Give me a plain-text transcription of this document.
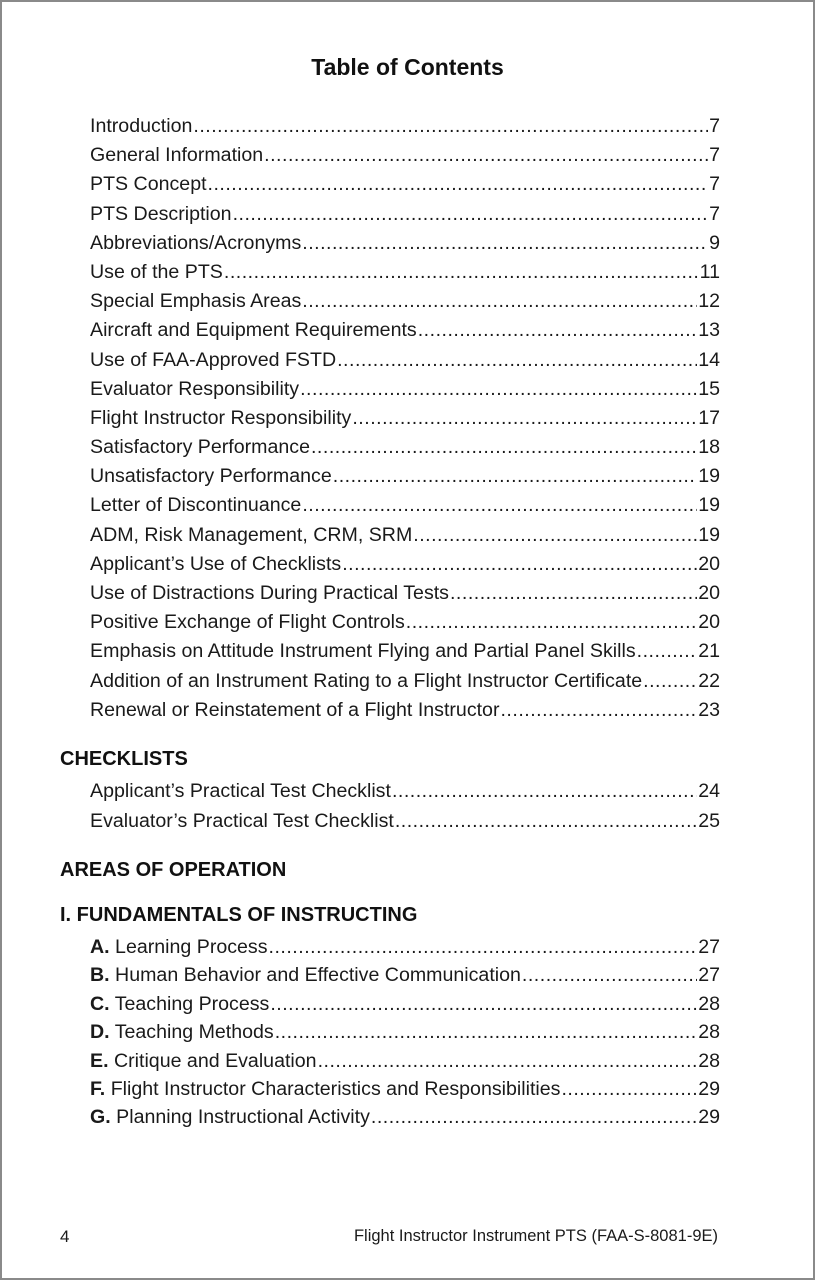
Table of Contents
Introduction .....	7
General Information .....	7
PTS Concept .....	7
PTS Description .....	7
Abbreviations/Acronyms .....	9
Use of the PTS .....	11
Special Emphasis Areas .....	12
Aircraft and Equipment Requirements .....	13
Use of FAA-Approved FSTD .....	14
Evaluator Responsibility .....	15
Flight Instructor Responsibility .....	17
Satisfactory Performance .....	18
Unsatisfactory Performance .....	19
Letter of Discontinuance .....	19
ADM, Risk Management, CRM, SRM .....	19
Applicant’s Use of Checklists .....	20
Use of Distractions During Practical Tests .....	20
Positive Exchange of Flight Controls .....	20
Emphasis on Attitude Instrument Flying and Partial Panel Skills .....	21
Addition of an Instrument Rating to a Flight Instructor Certificate .....	22
Renewal or Reinstatement of a Flight Instructor .....	23
CHECKLISTS
Applicant’s Practical Test Checklist .....	24
Evaluator’s Practical Test Checklist .....	25
AREAS OF OPERATION
I. FUNDAMENTALS OF INSTRUCTING
A. Learning Process .....	27
B. Human Behavior and Effective Communication .....	27
C. Teaching Process .....	28
D. Teaching Methods .....	28
E. Critique and Evaluation .....	28
F. Flight Instructor Characteristics and Responsibilities .....	29
G. Planning Instructional Activity .....	29
4	Flight Instructor Instrument PTS (FAA-S-8081-9E)
